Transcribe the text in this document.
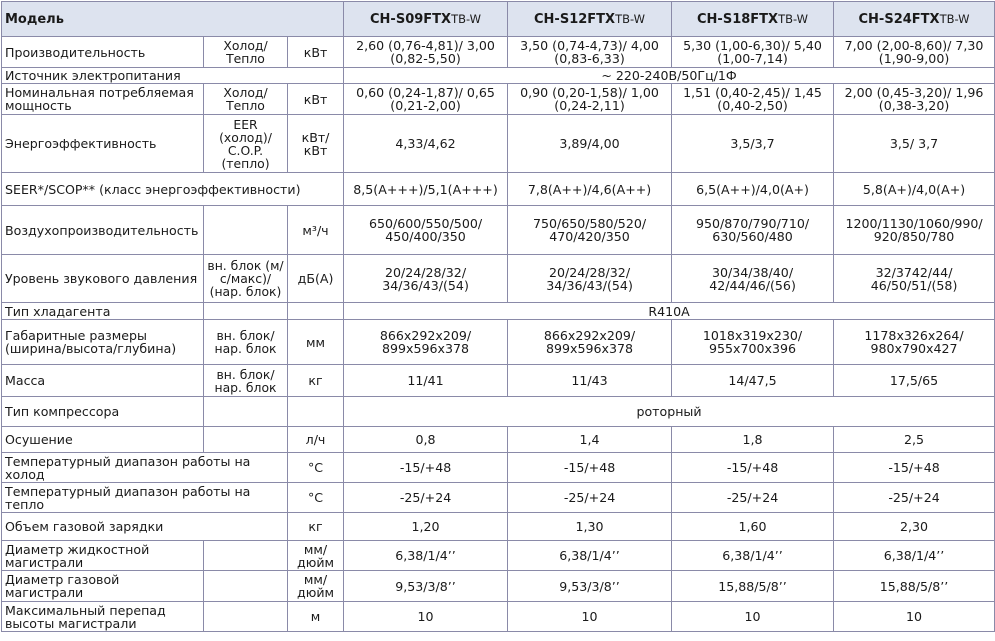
Модель			CH-S09FTXTB-W	CH-S12FTXTB-W	CH-S18FTXTB-W	CH-S24FTXTB-W
Производительность	Холод/ Тепло	кВт	2,60 (0,76-4,81)/ 3,00 (0,82-5,50)	3,50 (0,74-4,73)/ 4,00 (0,83-6,33)	5,30 (1,00-6,30)/ 5,40 (1,00-7,14)	7,00 (2,00-8,60)/ 7,30 (1,90-9,00)
Источник электропитания			~ 220-240В/50Гц/1Ф			
Номинальная потребляемая мощность	Холод/ Тепло	кВт	0,60 (0,24-1,87)/ 0,65 (0,21-2,00)	0,90 (0,20-1,58)/ 1,00 (0,24-2,11)	1,51 (0,40-2,45)/ 1,45 (0,40-2,50)	2,00 (0,45-3,20)/ 1,96 (0,38-3,20)
Энергоэффективность	EER (холод)/ C.O.P. (тепло)	кВт/ кВт	4,33/4,62	3,89/4,00	3,5/3,7	3,5/ 3,7
SEER*/SCOP** (класс энергоэффективности)			8,5(A+++)/5,1(A+++)	7,8(A++)/4,6(A++)	6,5(A++)/4,0(A+)	5,8(A+)/4,0(A+)
Воздухопроизводительность		м³/ч	650/600/550/500/ 450/400/350	750/650/580/520/ 470/420/350	950/870/790/710/ 630/560/480	1200/1130/1060/990/ 920/850/780
Уровень звукового давления	вн. блок (м/с/макс)/ (нар. блок)	дБ(А)	20/24/28/32/ 34/36/43/(54)	20/24/28/32/ 34/36/43/(54)	30/34/38/40/ 42/44/46/(56)	32/3742/44/ 46/50/51/(58)
Тип хладагента			R410A			
Габаритные размеры (ширина/высота/глубина)	вн. блок/ нар. блок	мм	866x292x209/ 899x596x378	866x292x209/ 899x596x378	1018x319x230/ 955x700x396	1178x326x264/ 980x790x427
Масса	вн. блок/ нар. блок	кг	11/41	11/43	14/47,5	17,5/65
Тип компрессора			роторный			
Осушение		л/ч	0,8	1,4	1,8	2,5
Температурный диапазон работы на холод		°С	-15/+48	-15/+48	-15/+48	-15/+48
Температурный диапазон работы на тепло		°С	-25/+24	-25/+24	-25/+24	-25/+24
Объем газовой зарядки		кг	1,20	1,30	1,60	2,30
Диаметр жидкостной магистрали		мм/ дюйм	6,38/1/4’’	6,38/1/4’’	6,38/1/4’’	6,38/1/4’’
Диаметр газовой магистрали		мм/ дюйм	9,53/3/8’’	9,53/3/8’’	15,88/5/8’’	15,88/5/8’’
Максимальный перепад высоты магистрали		м	10	10	10	10
